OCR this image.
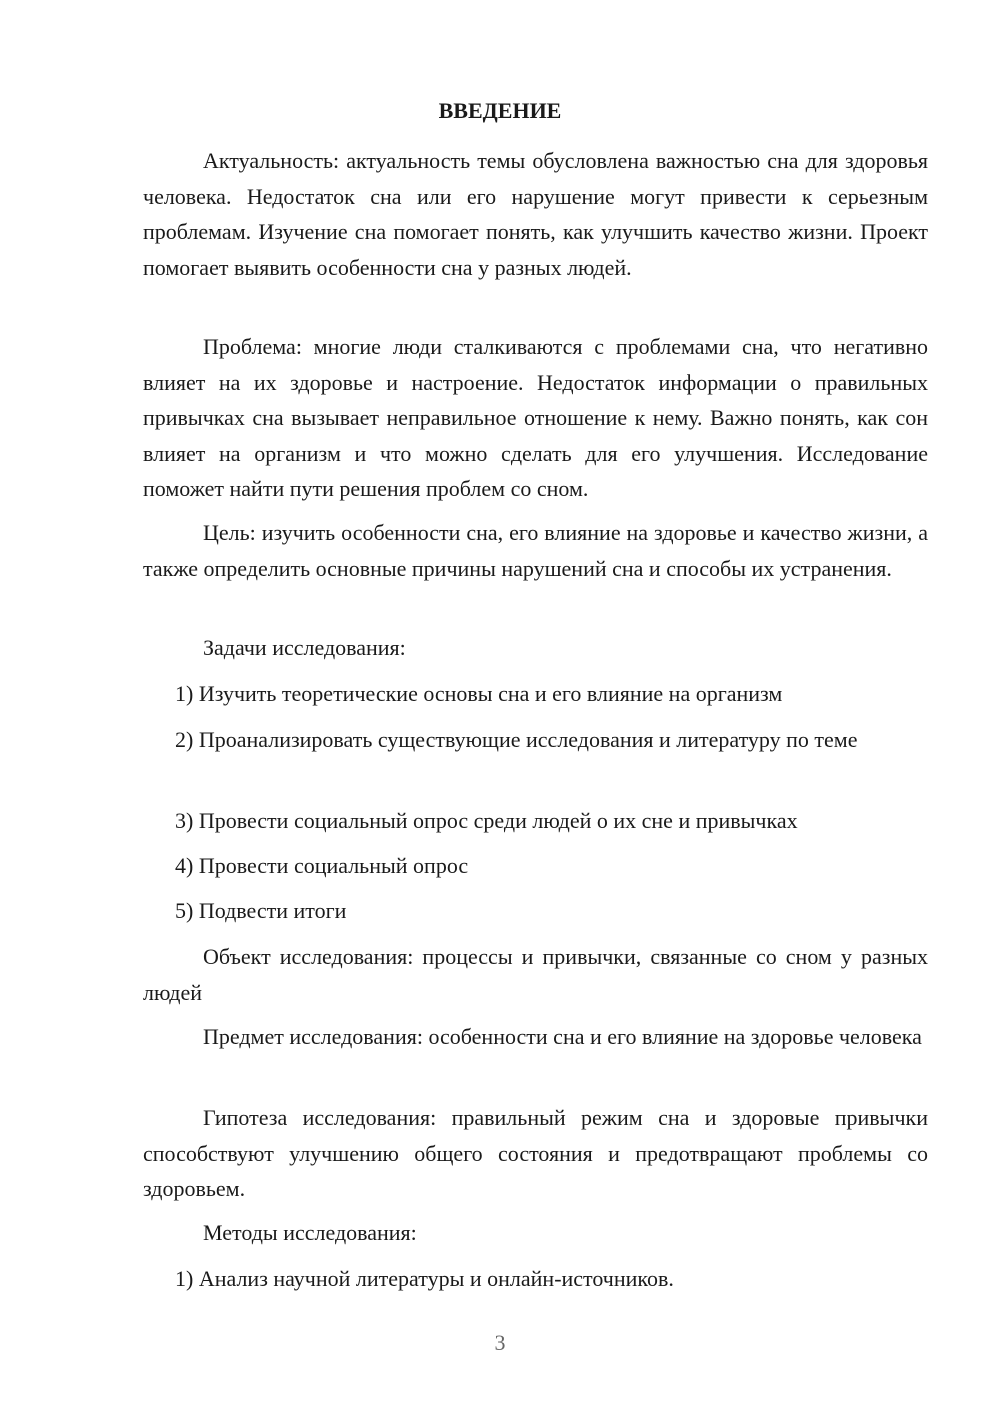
ВВЕДЕНИЕ

Актуальность: актуальность темы обусловлена важностью сна для здоровья человека. Недостаток сна или его нарушение могут привести к серьезным проблемам. Изучение сна помогает понять, как улучшить качество жизни. Проект помогает выявить особенности сна у разных людей.

Проблема: многие люди сталкиваются с проблемами сна, что негативно влияет на их здоровье и настроение. Недостаток информации о правильных привычках сна вызывает неправильное отношение к нему. Важно понять, как сон влияет на организм и что можно сделать для его улучшения. Исследование поможет найти пути решения проблем со сном.

Цель: изучить особенности сна, его влияние на здоровье и качество жизни, а также определить основные причины нарушений сна и способы их устранения.

Задачи исследования:

1) Изучить теоретические основы сна и его влияние на организм

2) Проанализировать существующие исследования и литературу по теме

3) Провести социальный опрос среди людей о их сне и привычках

4) Провести социальный опрос

5) Подвести итоги

Объект исследования: процессы и привычки, связанные со сном у разных людей

Предмет исследования: особенности сна и его влияние на здоровье человека

Гипотеза исследования: правильный режим сна и здоровые привычки способствуют улучшению общего состояния и предотвращают проблемы со здоровьем.

Методы исследования:

1) Анализ научной литературы и онлайн-источников.

3
